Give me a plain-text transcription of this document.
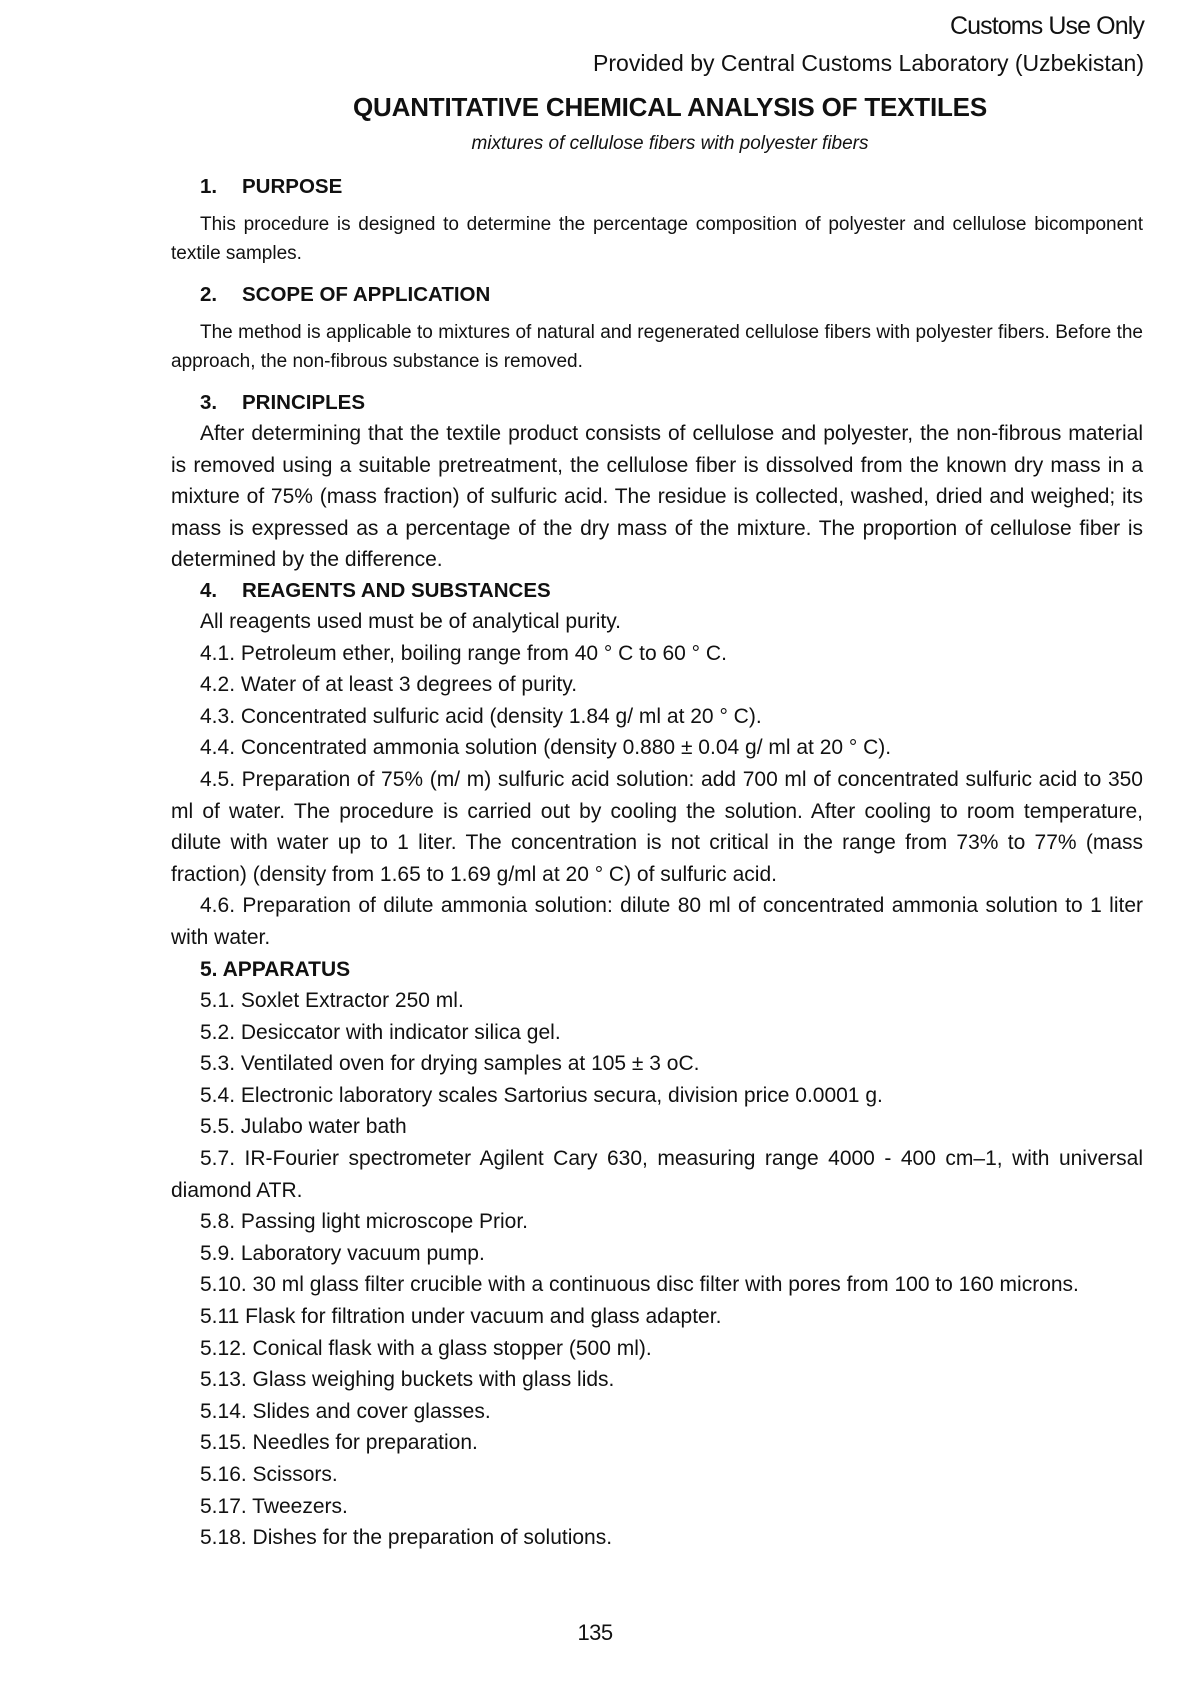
Customs Use Only
Provided by Central Customs Laboratory (Uzbekistan)
QUANTITATIVE CHEMICAL ANALYSIS OF TEXTILES
mixtures of cellulose fibers with polyester fibers
1. PURPOSE

This procedure is designed to determine the percentage composition of polyester and cellulose bicomponent textile samples.

2. SCOPE OF APPLICATION

The method is applicable to mixtures of natural and regenerated cellulose fibers with polyester fibers. Before the approach, the non-fibrous substance is removed.

3. PRINCIPLES

After determining that the textile product consists of cellulose and polyester, the non-fibrous material is removed using a suitable pretreatment, the cellulose fiber is dissolved from the known dry mass in a mixture of 75% (mass fraction) of sulfuric acid. The residue is collected, washed, dried and weighed; its mass is expressed as a percentage of the dry mass of the mixture. The proportion of cellulose fiber is determined by the difference.

4. REAGENTS AND SUBSTANCES

All reagents used must be of analytical purity.

4.1. Petroleum ether, boiling range from 40 ° C to 60 ° C.

4.2. Water of at least 3 degrees of purity.

4.3. Concentrated sulfuric acid (density 1.84 g/ ml at 20 ° C).

4.4. Concentrated ammonia solution (density 0.880 ± 0.04 g/ ml at 20 ° C).

4.5. Preparation of 75% (m/ m) sulfuric acid solution: add 700 ml of concentrated sulfuric acid to 350 ml of water. The procedure is carried out by cooling the solution. After cooling to room temperature, dilute with water up to 1 liter. The concentration is not critical in the range from 73% to 77% (mass fraction) (density from 1.65 to 1.69 g/ml at 20 ° C) of sulfuric acid.

4.6. Preparation of dilute ammonia solution: dilute 80 ml of concentrated ammonia solution to 1 liter with water.

5. APPARATUS

5.1. Soxlet Extractor 250 ml.

5.2. Desiccator with indicator silica gel.

5.3. Ventilated oven for drying samples at 105 ± 3 oC.

5.4. Electronic laboratory scales Sartorius secura, division price 0.0001 g.

5.5. Julabo water bath

5.7. IR-Fourier spectrometer Agilent Cary 630, measuring range 4000 - 400 cm–1, with universal diamond ATR.

5.8. Passing light microscope Prior.

5.9. Laboratory vacuum pump.

5.10. 30 ml glass filter crucible with a continuous disc filter with pores from 100 to 160 microns.

5.11 Flask for filtration under vacuum and glass adapter.

5.12. Conical flask with a glass stopper (500 ml).

5.13. Glass weighing buckets with glass lids.

5.14. Slides and cover glasses.

5.15. Needles for preparation.

5.16. Scissors.

5.17. Tweezers.

5.18. Dishes for the preparation of solutions.

135
